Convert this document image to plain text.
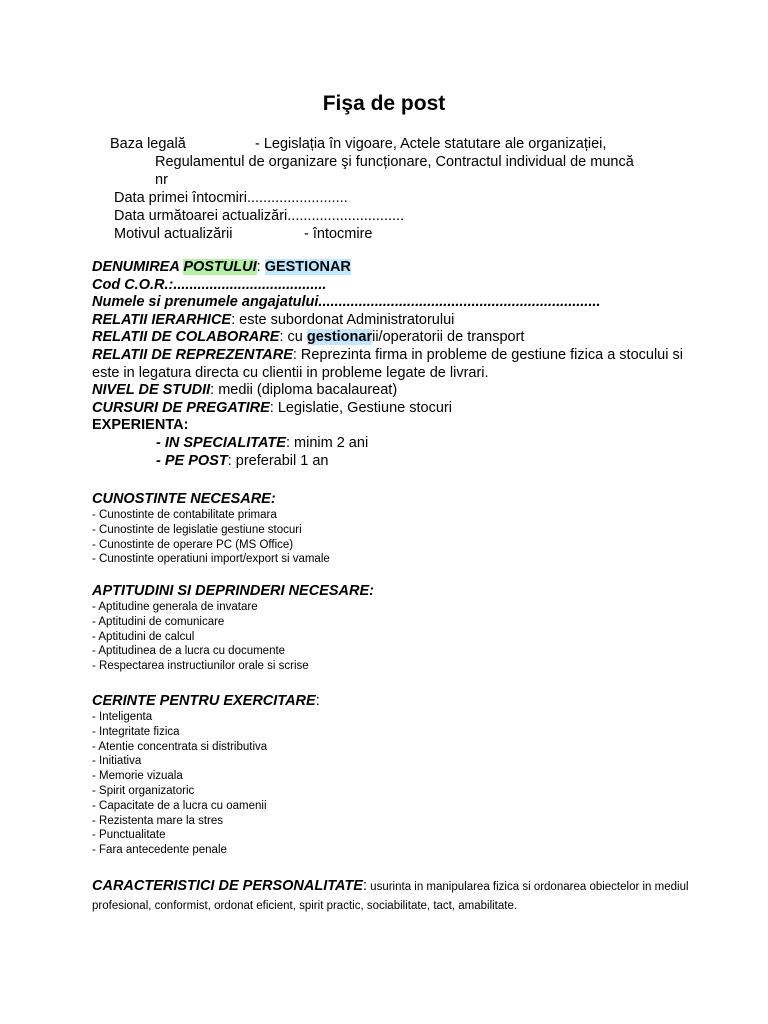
Fişa de post
Baza legală	- Legislația în vigoare, Actele statutare ale organizației,
Regulamentul de organizare şi funcționare, Contractul individual de muncă
nr
Data primei întocmiri.........................
Data următoarei actualizări.............................
Motivul actualizării	- întocmire
DENUMIREA POSTULUI: GESTIONAR
Cod C.O.R.:......................................
Numele si prenumele angajatului......................................................................
RELATII IERARHICE: este subordonat Administratorului
RELATII DE COLABORARE: cu gestionarii/operatorii de transport
RELATII DE REPREZENTARE: Reprezinta firma in probleme de gestiune fizica a stocului si este in legatura directa cu clientii in probleme legate de livrari.
NIVEL DE STUDII: medii (diploma bacalaureat)
CURSURI DE PREGATIRE: Legislatie, Gestiune stocuri
EXPERIENTA:
- IN SPECIALITATE: minim 2 ani
- PE POST: preferabil 1 an
CUNOSTINTE NECESARE:
- Cunostinte de contabilitate primara
- Cunostinte de legislatie gestiune stocuri
- Cunostinte de operare PC (MS Office)
- Cunostinte operatiuni import/export si vamale
APTITUDINI SI DEPRINDERI NECESARE:
- Aptitudine generala de invatare
- Aptitudini de comunicare
- Aptitudini de calcul
- Aptitudinea de a lucra cu documente
- Respectarea instructiunilor orale si scrise
CERINTE PENTRU EXERCITARE:
- Inteligenta
- Integritate fizica
- Atentie concentrata si distributiva
- Initiativa
- Memorie vizuala
- Spirit organizatoric
- Capacitate de a lucra cu oamenii
- Rezistenta mare la stres
- Punctualitate
- Fara antecedente penale
CARACTERISTICI DE PERSONALITATE: usurinta in manipularea fizica si ordonarea obiectelor in mediul profesional, conformist, ordonat eficient, spirit practic, sociabilitate, tact, amabilitate.
